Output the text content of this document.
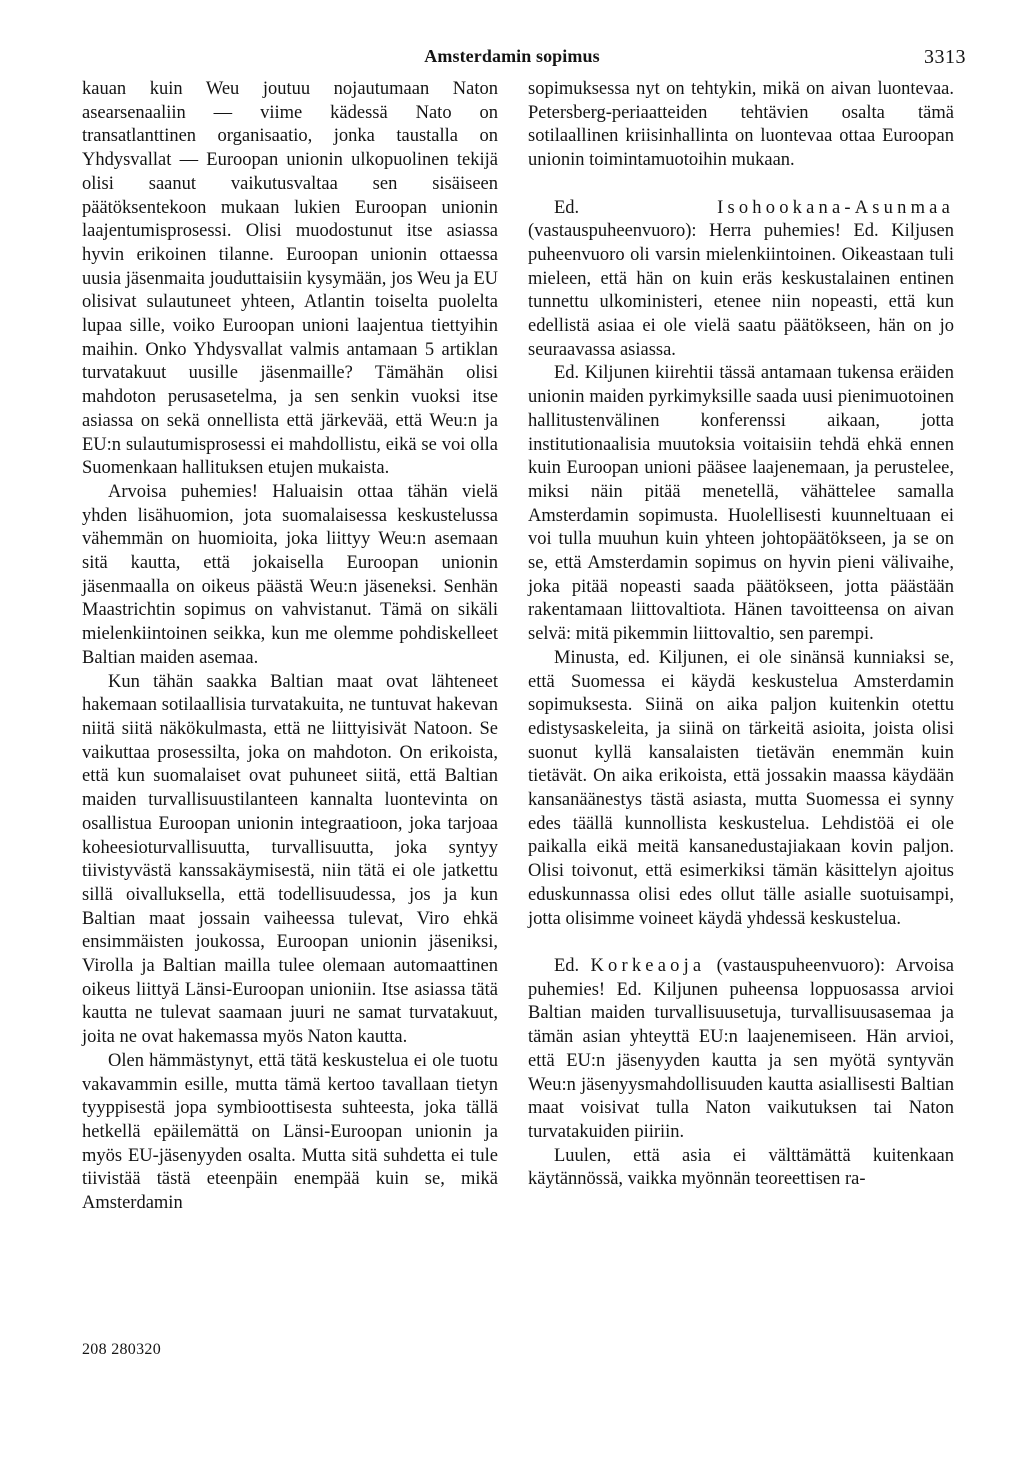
Amsterdamin sopimus	3313

kauan kuin Weu joutuu nojautumaan Naton asearsenaaliin — viime kädessä Nato on transatlanttinen organisaatio, jonka taustalla on Yhdysvallat — Euroopan unionin ulkopuolinen tekijä olisi saanut vaikutusvaltaa sen sisäiseen päätöksentekoon mukaan lukien Euroopan unionin laajentumisprosessi. Olisi muodostunut itse asiassa hyvin erikoinen tilanne. Euroopan unionin ottaessa uusia jäsenmaita jouduttaisiin kysymään, jos Weu ja EU olisivat sulautuneet yhteen, Atlantin toiselta puolelta lupaa sille, voiko Euroopan unioni laajentua tiettyihin maihin. Onko Yhdysvallat valmis antamaan 5 artiklan turvatakuut uusille jäsenmaille? Tämähän olisi mahdoton perusasetelma, ja sen senkin vuoksi itse asiassa on sekä onnellista että järkevää, että Weu:n ja EU:n sulautumisprosessi ei mahdollistu, eikä se voi olla Suomenkaan hallituksen etujen mukaista.

Arvoisa puhemies! Haluaisin ottaa tähän vielä yhden lisähuomion, jota suomalaisessa keskustelussa vähemmän on huomioita, joka liittyy Weu:n asemaan sitä kautta, että jokaisella Euroopan unionin jäsenmaalla on oikeus päästä Weu:n jäseneksi. Senhän Maastrichtin sopimus on vahvistanut. Tämä on sikäli mielenkiintoinen seikka, kun me olemme pohdiskelleet Baltian maiden asemaa.

Kun tähän saakka Baltian maat ovat lähteneet hakemaan sotilaallisia turvatakuita, ne tuntuvat hakevan niitä siitä näkökulmasta, että ne liittyisivät Natoon. Se vaikuttaa prosessilta, joka on mahdoton. On erikoista, että kun suomalaiset ovat puhuneet siitä, että Baltian maiden turvallisuustilanteen kannalta luontevinta on osallistua Euroopan unionin integraatioon, joka tarjoaa koheesioturvallisuutta, turvallisuutta, joka syntyy tiivistyvästä kanssakäymisestä, niin tätä ei ole jatkettu sillä oivalluksella, että todellisuudessa, jos ja kun Baltian maat jossain vaiheessa tulevat, Viro ehkä ensimmäisten joukossa, Euroopan unionin jäseniksi, Virolla ja Baltian mailla tulee olemaan automaattinen oikeus liittyä Länsi-Euroopan unioniin. Itse asiassa tätä kautta ne tulevat saamaan juuri ne samat turvatakuut, joita ne ovat hakemassa myös Naton kautta.

Olen hämmästynyt, että tätä keskustelua ei ole tuotu vakavammin esille, mutta tämä kertoo tavallaan tietyn tyyppisestä jopa symbioottisesta suhteesta, joka tällä hetkellä epäilemättä on Länsi-Euroopan unionin ja myös EU-jäsenyyden osalta. Mutta sitä suhdetta ei tule tiivistää tästä eteenpäin enempää kuin se, mikä Amsterdamin

sopimuksessa nyt on tehtykin, mikä on aivan luontevaa. Petersberg-periaatteiden tehtävien osalta tämä sotilaallinen kriisinhallinta on luontevaa ottaa Euroopan unionin toimintamuotoihin mukaan.

Ed.	Isohookana-Asunmaa (vastauspuheenvuoro): Herra puhemies! Ed. Kiljusen puheenvuoro oli varsin mielenkiintoinen. Oikeastaan tuli mieleen, että hän on kuin eräs keskustalainen entinen tunnettu ulkoministeri, etenee niin nopeasti, että kun edellistä asiaa ei ole vielä saatu päätökseen, hän on jo seuraavassa asiassa.

Ed. Kiljunen kiirehtii tässä antamaan tukensa eräiden unionin maiden pyrkimyksille saada uusi pienimuotoinen hallitustenvälinen konferenssi aikaan, jotta institutionaalisia muutoksia voitaisiin tehdä ehkä ennen kuin Euroopan unioni pääsee laajenemaan, ja perustelee, miksi näin pitää menetellä, vähättelee samalla Amsterdamin sopimusta. Huolellisesti kuunneltuaan ei voi tulla muuhun kuin yhteen johtopäätökseen, ja se on se, että Amsterdamin sopimus on hyvin pieni välivaihe, joka pitää nopeasti saada päätökseen, jotta päästään rakentamaan liittovaltiota. Hänen tavoitteensa on aivan selvä: mitä pikemmin liittovaltio, sen parempi.

Minusta, ed. Kiljunen, ei ole sinänsä kunniaksi se, että Suomessa ei käydä keskustelua Amsterdamin sopimuksesta. Siinä on aika paljon kuitenkin otettu edistysaskeleita, ja siinä on tärkeitä asioita, joista olisi suonut kyllä kansalaisten tietävän enemmän kuin tietävät. On aika erikoista, että jossakin maassa käydään kansanäänestys tästä asiasta, mutta Suomessa ei synny edes täällä kunnollista keskustelua. Lehdistöä ei ole paikalla eikä meitä kansanedustajiakaan kovin paljon. Olisi toivonut, että esimerkiksi tämän käsittelyn ajoitus eduskunnassa olisi edes ollut tälle asialle suotuisampi, jotta olisimme voineet käydä yhdessä keskustelua.

Ed. Korkeaoja (vastauspuheenvuoro): Arvoisa puhemies! Ed. Kiljunen puheensa loppuosassa arvioi Baltian maiden turvallisuusetuja, turvallisuusasemaa ja tämän asian yhteyttä EU:n laajenemiseen. Hän arvioi, että EU:n jäsenyyden kautta ja sen myötä syntyvän Weu:n jäsenyysmahdollisuuden kautta asiallisesti Baltian maat voisivat tulla Naton vaikutuksen tai Naton turvatakuiden piiriin.

Luulen, että asia ei välttämättä kuitenkaan käytännössä, vaikka myönnän teoreettisen ra-

208 280320
